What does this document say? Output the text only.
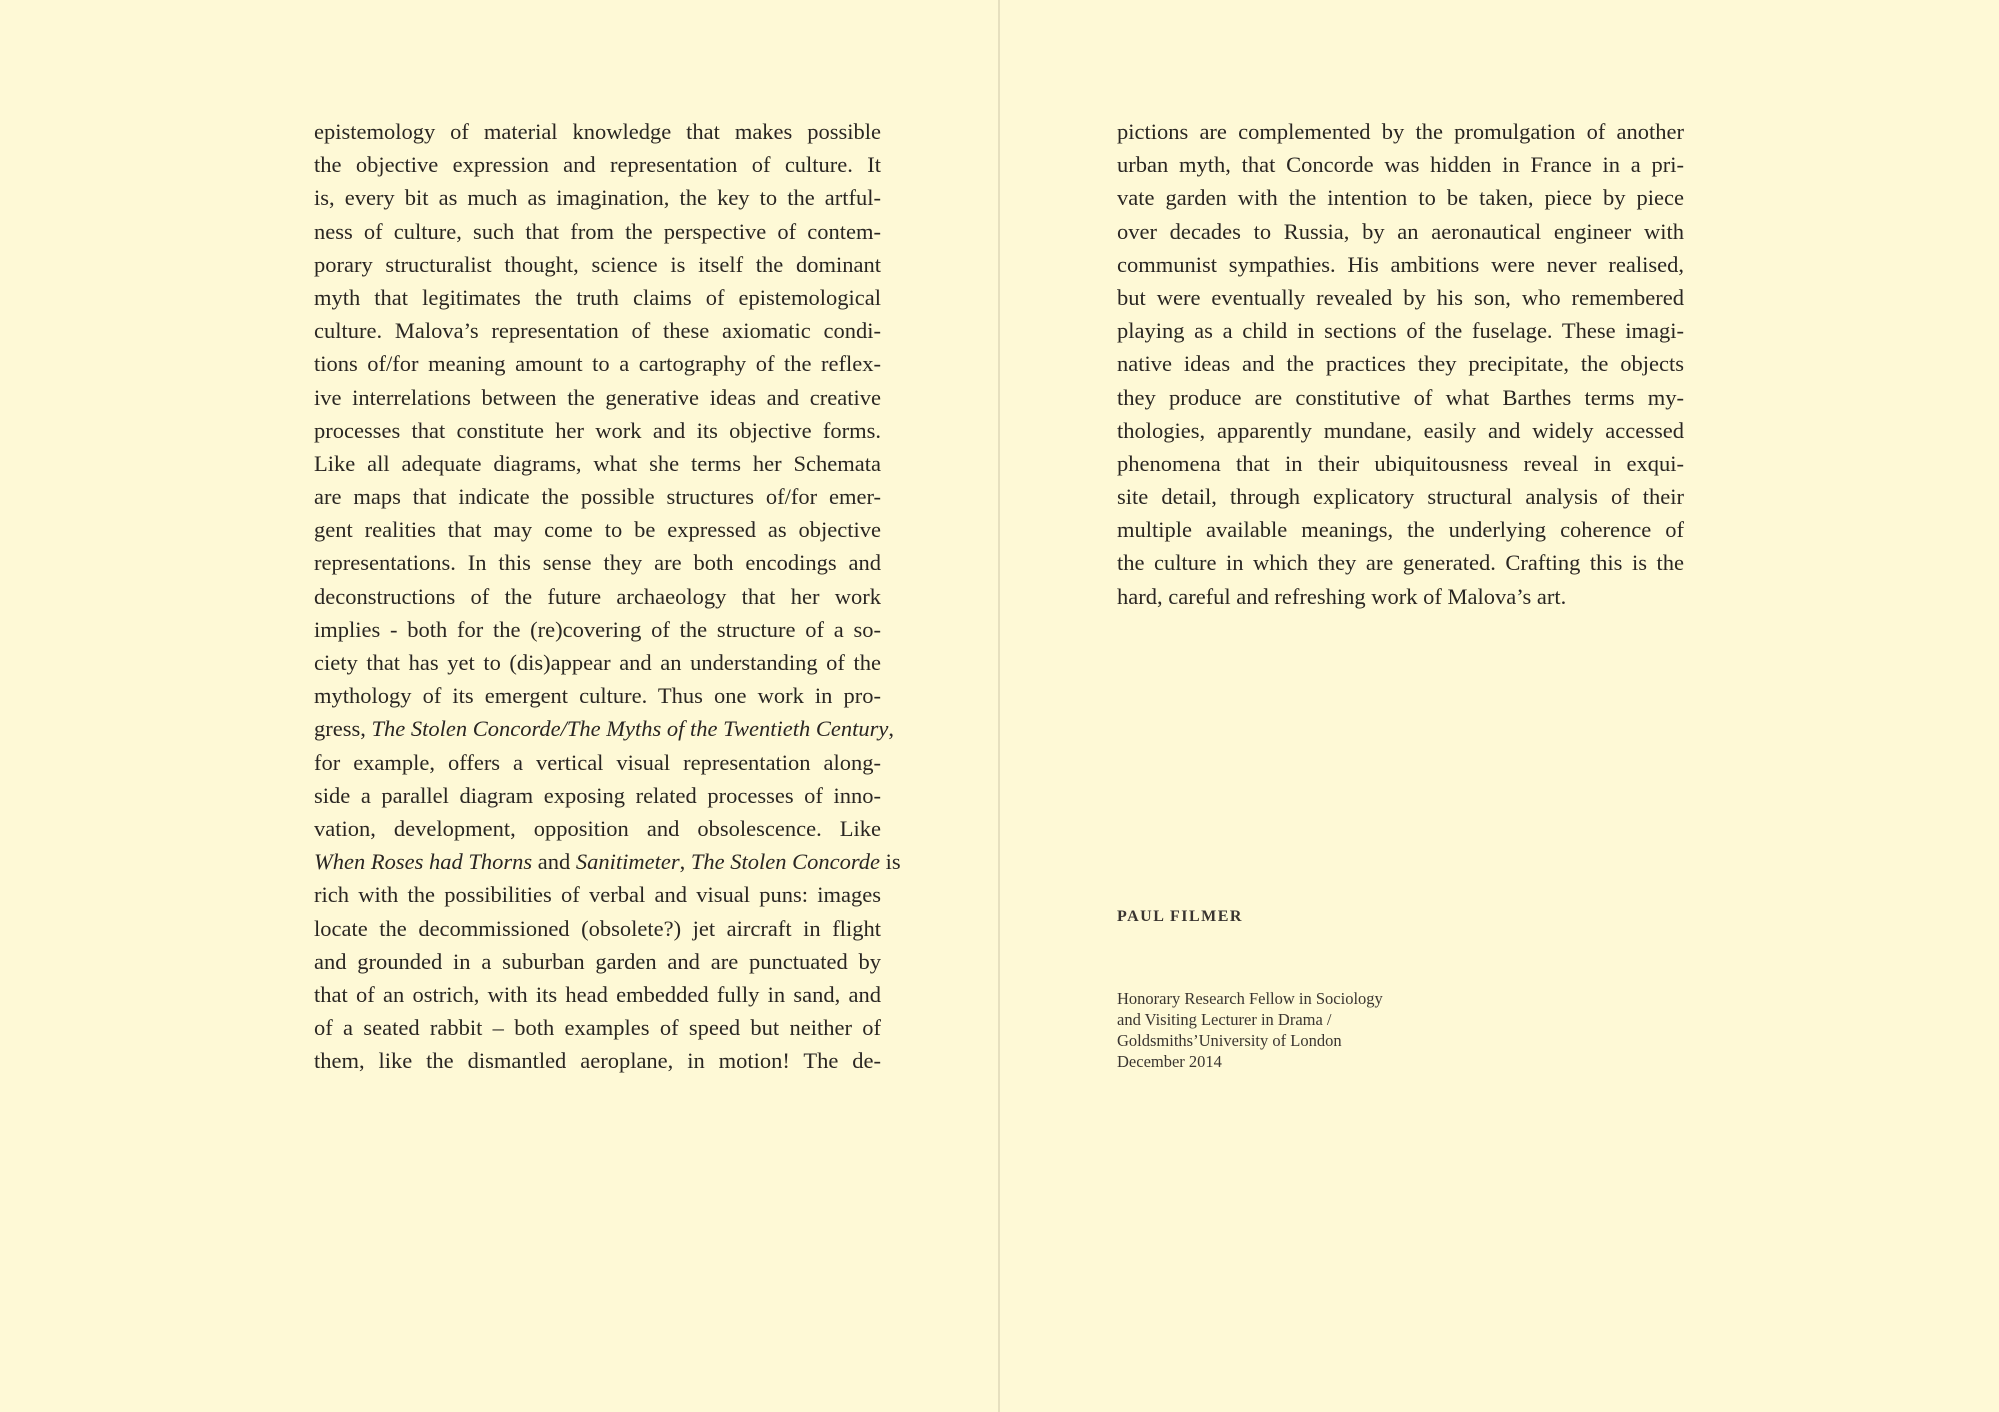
epistemology of material knowledge that makes possible
the objective expression and representation of culture. It
is, every bit as much as imagination, the key to the artful-
ness of culture, such that from the perspective of contem-
porary structuralist thought, science is itself the dominant
myth that legitimates the truth claims of epistemological
culture. Malova’s representation of these axiomatic condi-
tions of/for meaning amount to a cartography of the reflex-
ive interrelations between the generative ideas and creative
processes that constitute her work and its objective forms.
Like all adequate diagrams, what she terms her Schemata
are maps that indicate the possible structures of/for emer-
gent realities that may come to be expressed as objective
representations. In this sense they are both encodings and
deconstructions of the future archaeology that her work
implies - both for the (re)covering of the structure of a so-
ciety that has yet to (dis)appear and an understanding of the
mythology of its emergent culture. Thus one work in pro-
gress, The Stolen Concorde/The Myths of the Twentieth Century,
for example, offers a vertical visual representation along-
side a parallel diagram exposing related processes of inno-
vation, development, opposition and obsolescence. Like
When Roses had Thorns and Sanitimeter, The Stolen Concorde is
rich with the possibilities of verbal and visual puns: images
locate the decommissioned (obsolete?) jet aircraft in flight
and grounded in a suburban garden and are punctuated by
that of an ostrich, with its head embedded fully in sand, and
of a seated rabbit – both examples of speed but neither of
them, like the dismantled aeroplane, in motion! The de-
pictions are complemented by the promulgation of another
urban myth, that Concorde was hidden in France in a pri-
vate garden with the intention to be taken, piece by piece
over decades to Russia, by an aeronautical engineer with
communist sympathies. His ambitions were never realised,
but were eventually revealed by his son, who remembered
playing as a child in sections of the fuselage. These imagi-
native ideas and the practices they precipitate, the objects
they produce are constitutive of what Barthes terms my-
thologies, apparently mundane, easily and widely accessed
phenomena that in their ubiquitousness reveal in exqui-
site detail, through explicatory structural analysis of their
multiple available meanings, the underlying coherence of
the culture in which they are generated. Crafting this is the
hard, careful and refreshing work of Malova’s art.

PAUL FILMER

Honorary Research Fellow in Sociology
and Visiting Lecturer in Drama /
Goldsmiths’University of London
December 2014
